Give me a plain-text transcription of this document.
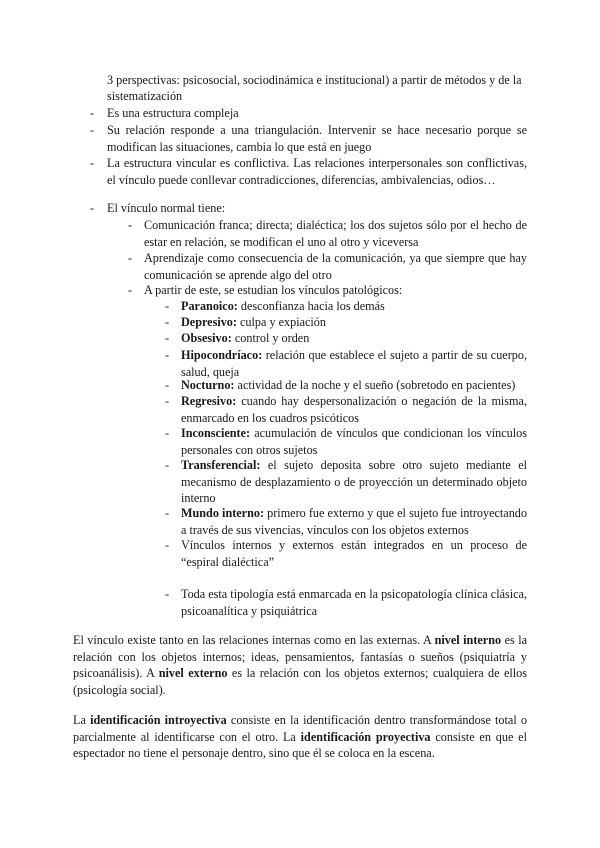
3 perspectivas: psicosocial, sociodinámica e institucional) a partir de métodos y de la
sistematización
- Es una estructura compleja
- Su relación responde a una triangulación. Intervenir se hace necesario porque se modifican las situaciones, cambia lo que está en juego
- La estructura vincular es conflictiva. Las relaciones interpersonales son conflictivas, el vínculo puede conllevar contradicciones, diferencias, ambivalencias, odios…
- El vínculo normal tiene:
- Comunicación franca; directa; dialéctica; los dos sujetos sólo por el hecho de estar en relación, se modifican el uno al otro y viceversa
- Aprendizaje como consecuencia de la comunicación, ya que siempre que hay comunicación se aprende algo del otro
- A partir de este, se estudian los vínculos patológicos:
- Paranoico: desconfianza hacia los demás
- Depresivo: culpa y expiación
- Obsesivo: control y orden
- Hipocondríaco: relación que establece el sujeto a partir de su cuerpo, salud, queja
- Nocturno: actividad de la noche y el sueño (sobretodo en pacientes)
- Regresivo: cuando hay despersonalización o negación de la misma, enmarcado en los cuadros psicóticos
- Inconsciente: acumulación de vínculos que condicionan los vínculos personales con otros sujetos
- Transferencial: el sujeto deposita sobre otro sujeto mediante el mecanismo de desplazamiento o de proyección un determinado objeto interno
- Mundo interno: primero fue externo y que el sujeto fue introyectando a través de sus vivencias, vínculos con los objetos externos
- Vínculos internos y externos están integrados en un proceso de “espiral dialéctica”
- Toda esta tipología está enmarcada en la psicopatología clínica clásica, psicoanalítica y psiquiátrica
El vínculo existe tanto en las relaciones internas como en las externas. A nivel interno es la relación con los objetos internos; ideas, pensamientos, fantasías o sueños (psiquiatría y psicoanálisis). A nivel externo es la relación con los objetos externos; cualquiera de ellos (psicología social).
La identificación introyectiva consiste en la identificación dentro transformándose total o parcialmente al identificarse con el otro. La identificación proyectiva consiste en que el espectador no tiene el personaje dentro, sino que él se coloca en la escena.
